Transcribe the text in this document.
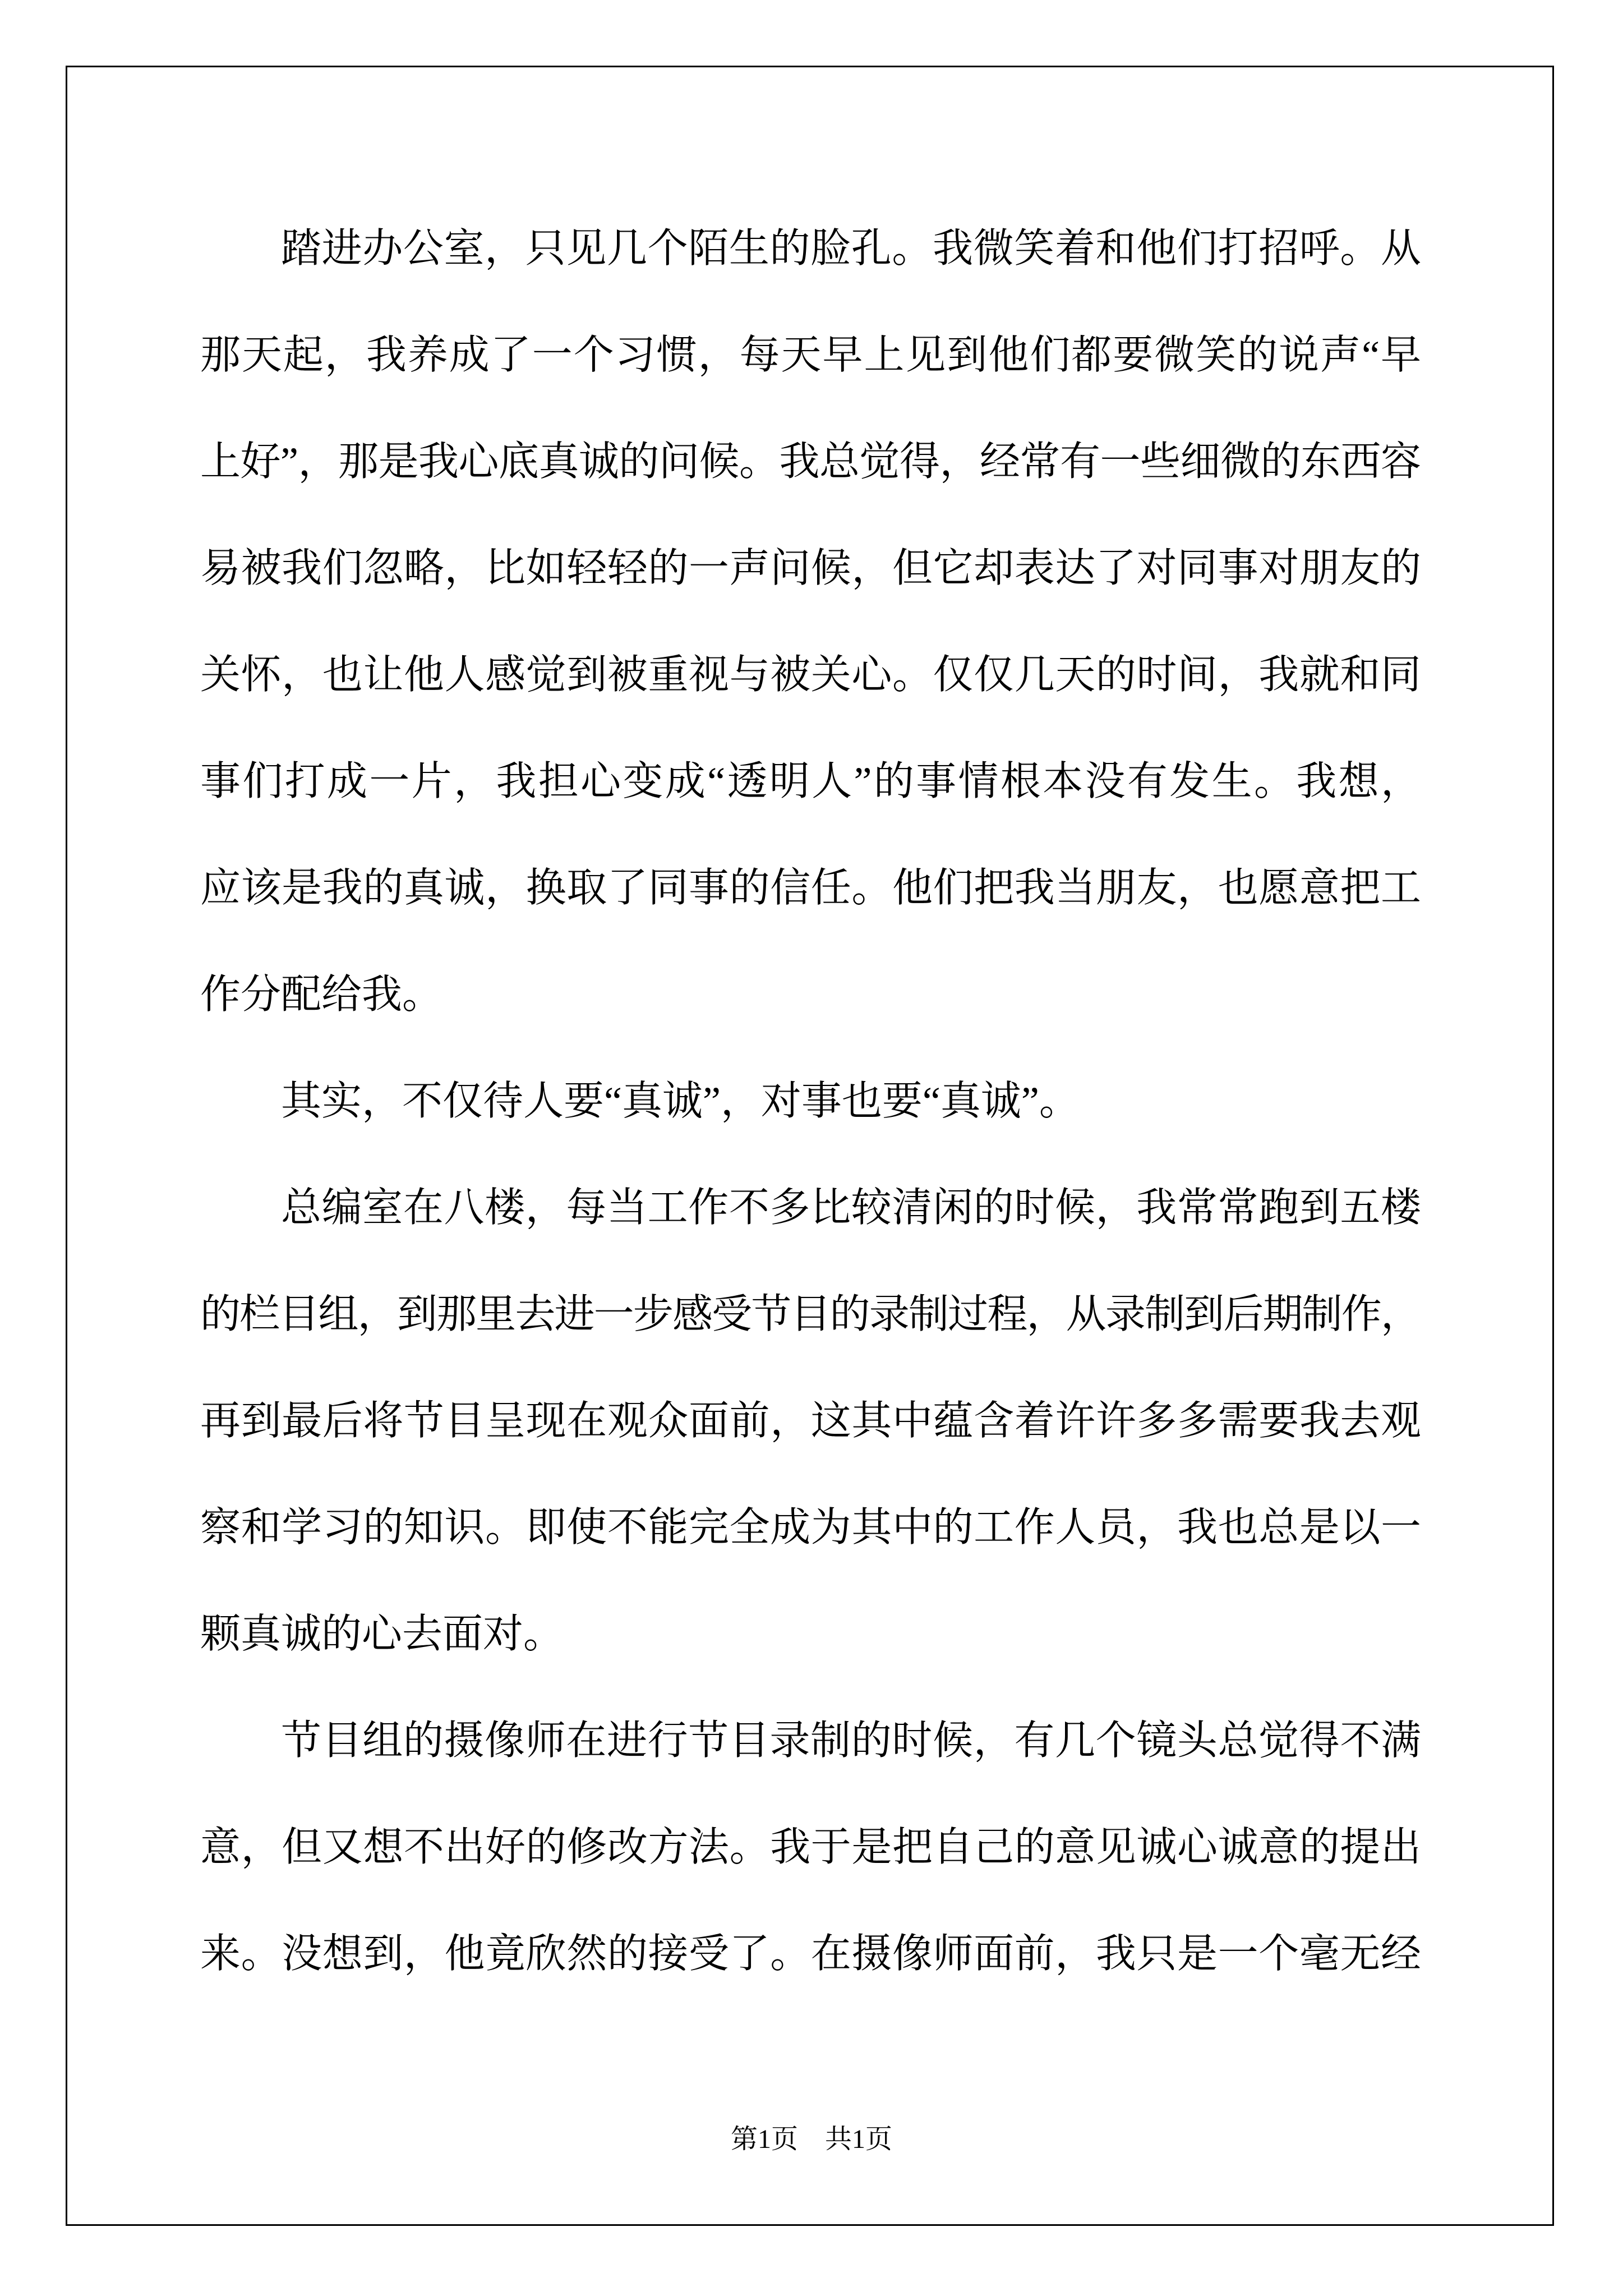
踏进办公室，只见几个陌生的脸孔。我微笑着和他们打招呼。从
那天起，我养成了一个习惯，每天早上见到他们都要微笑的说声“早
上好”，那是我心底真诚的问候。我总觉得，经常有一些细微的东西容
易被我们忽略，比如轻轻的一声问候，但它却表达了对同事对朋友的
关怀，也让他人感觉到被重视与被关心。仅仅几天的时间，我就和同
事们打成一片，我担心变成“透明人”的事情根本没有发生。我想，
应该是我的真诚，换取了同事的信任。他们把我当朋友，也愿意把工
作分配给我。
其实，不仅待人要“真诚”，对事也要“真诚”。
总编室在八楼，每当工作不多比较清闲的时候，我常常跑到五楼
的栏目组，到那里去进一步感受节目的录制过程，从录制到后期制作，
再到最后将节目呈现在观众面前，这其中蕴含着许许多多需要我去观
察和学习的知识。即使不能完全成为其中的工作人员，我也总是以一
颗真诚的心去面对。
节目组的摄像师在进行节目录制的时候，有几个镜头总觉得不满
意，但又想不出好的修改方法。我于是把自己的意见诚心诚意的提出
来。没想到，他竟欣然的接受了。在摄像师面前，我只是一个毫无经
第1页　共1页
